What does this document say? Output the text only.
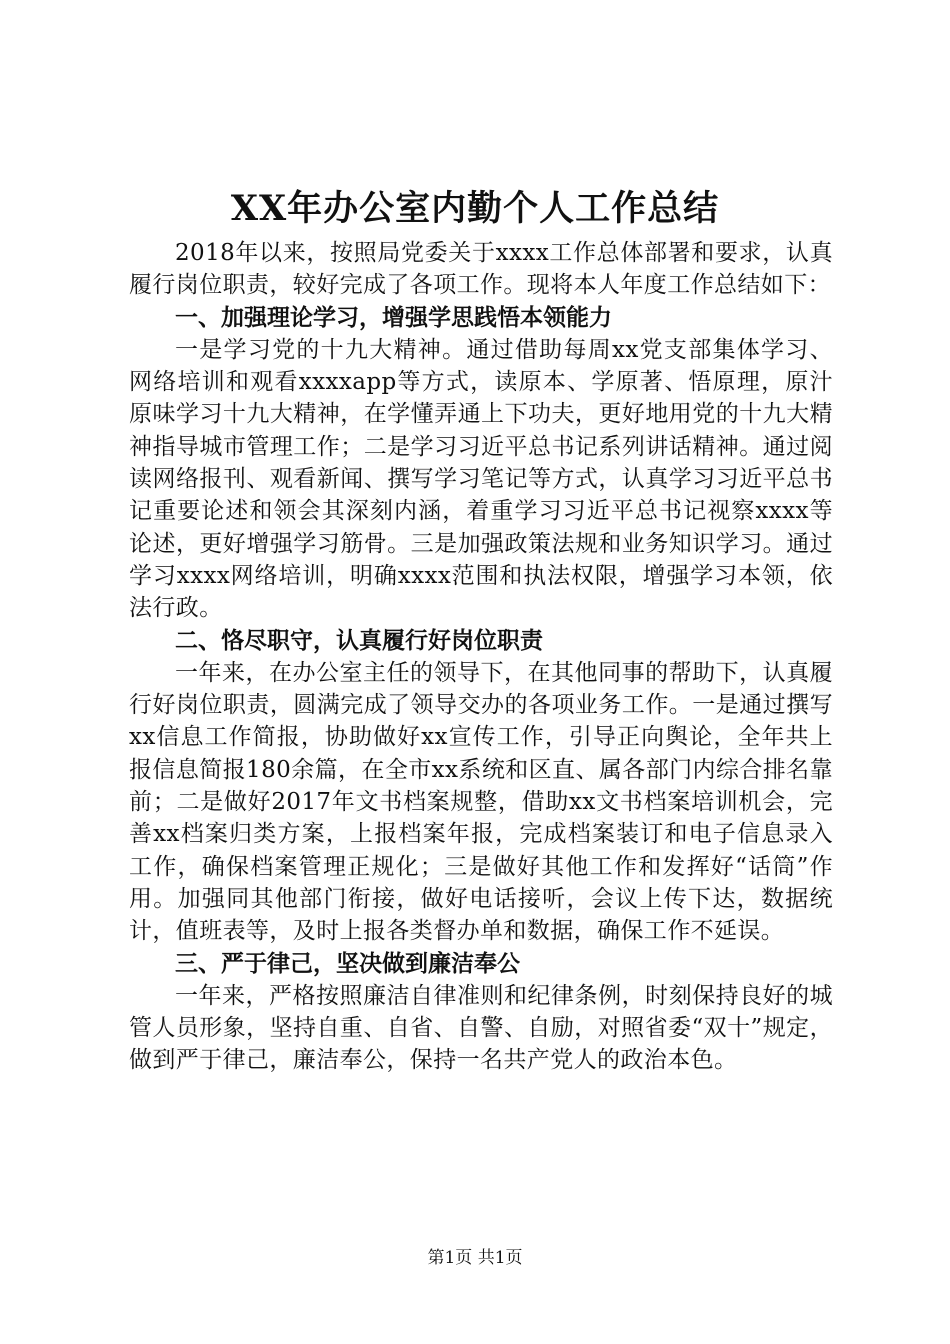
XX年办公室内勤个人工作总结

2018年以来，按照局党委关于xxxx工作总体部署和要求，认真履行岗位职责，较好完成了各项工作。现将本人年度工作总结如下：

一、加强理论学习，增强学思践悟本领能力

一是学习党的十九大精神。通过借助每周xx党支部集体学习、网络培训和观看xxxxapp等方式，读原本、学原著、悟原理，原汁原味学习十九大精神，在学懂弄通上下功夫，更好地用党的十九大精神指导城市管理工作；二是学习习近平总书记系列讲话精神。通过阅读网络报刊、观看新闻、撰写学习笔记等方式，认真学习习近平总书记重要论述和领会其深刻内涵，着重学习习近平总书记视察xxxx等论述，更好增强学习筋骨。三是加强政策法规和业务知识学习。通过学习xxxx网络培训，明确xxxx范围和执法权限，增强学习本领，依法行政。

二、恪尽职守，认真履行好岗位职责

一年来，在办公室主任的领导下，在其他同事的帮助下，认真履行好岗位职责，圆满完成了领导交办的各项业务工作。一是通过撰写xx信息工作简报，协助做好xx宣传工作，引导正向舆论，全年共上报信息简报180余篇，在全市xx系统和区直、属各部门内综合排名靠前；二是做好2017年文书档案规整，借助xx文书档案培训机会，完善xx档案归类方案，上报档案年报，完成档案装订和电子信息录入工作，确保档案管理正规化；三是做好其他工作和发挥好“话筒”作用。加强同其他部门衔接，做好电话接听，会议上传下达，数据统计，值班表等，及时上报各类督办单和数据，确保工作不延误。

三、严于律己，坚决做到廉洁奉公

一年来，严格按照廉洁自律准则和纪律条例，时刻保持良好的城管人员形象，坚持自重、自省、自警、自励，对照省委“双十”规定，做到严于律己，廉洁奉公，保持一名共产党人的政治本色。

第1页 共1页
